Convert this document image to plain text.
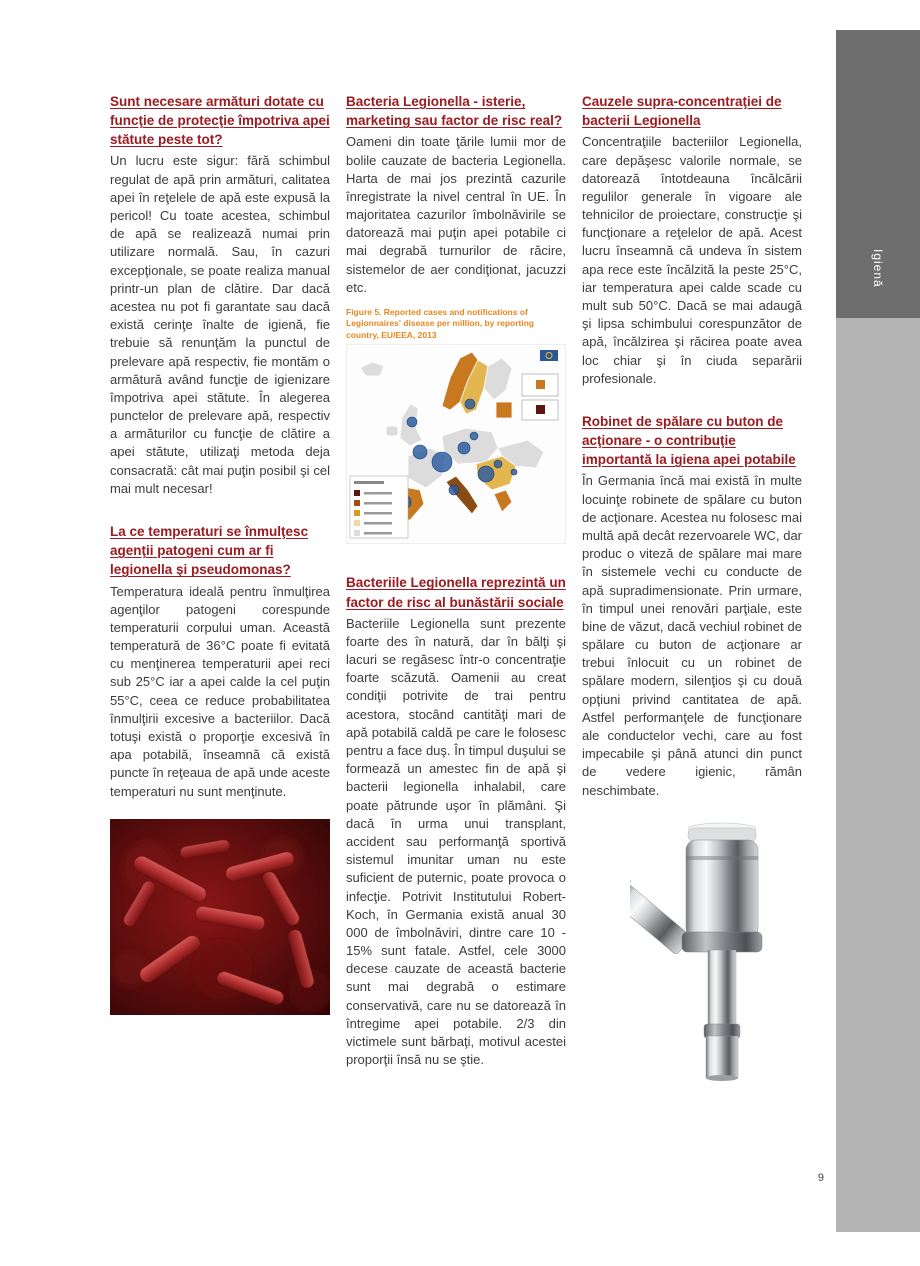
Sunt necesare armături dotate cu funcţie de protecţie împotriva apei stătute peste tot?

Un lucru este sigur: fără schimbul regulat de apă prin armături, calitatea apei în reţelele de apă este expusă la pericol! Cu toate acestea, schimbul de apă se realizează numai prin utilizare normală. Sau, în cazuri excepţionale, se poate realiza manual printr-un plan de clătire. Dar dacă acestea nu pot fi garantate sau dacă există cerinţe înalte de igienă, fie trebuie să renunţăm la punctul de prelevare apă respectiv, fie montăm o armătură având funcţie de igienizare împotriva apei stătute. În alegerea punctelor de prelevare apă, respectiv a armăturilor cu funcţie de clătire a apei stătute, utilizaţi metoda deja consacrată: cât mai puţin posibil şi cel mai mult necesar!

La ce temperaturi se înmulţesc agenţii patogeni cum ar fi legionella şi pseudomonas?

Temperatura ideală pentru înmulţirea agenţilor patogeni corespunde temperaturii corpului uman. Această temperatură de 36°C poate fi evitată cu menţinerea temperaturii apei reci sub 25°C iar a apei calde la cel puţin 55°C, ceea ce reduce probabilitatea înmulţirii excesive a bacteriilor. Dacă totuşi există o proporţie excesivă în apa potabilă, înseamnă că există puncte în reţeaua de apă unde aceste temperaturi nu sunt menţinute.

Bacteria Legionella - isterie, marketing sau factor de risc real?

Oameni din toate ţările lumii mor de bolile cauzate de bacteria Legionella. Harta de mai jos prezintă cazurile înregistrate la nivel central în UE. În majoritatea cazurilor îmbolnăvirile se datorează mai puţin apei potabile ci mai degrabă turnurilor de răcire, sistemelor de aer condiţionat, jacuzzi etc.

Figure 5. Reported cases and notifications of Legionnaires' disease per million, by reporting country, EU/EEA, 2013
Bacteriile Legionella reprezintă un factor de risc al bunăstării sociale

Bacteriile Legionella sunt prezente foarte des în natură, dar în bălţi şi lacuri se regăsesc într-o concentraţie foarte scăzută. Oamenii au creat condiţii potrivite de trai pentru acestora, stocând cantităţi mari de apă potabilă caldă pe care le folosesc pentru a face duş. În timpul duşului se formează un amestec fin de apă şi bacterii legionella inhalabil, care poate pătrunde uşor în plămâni. Şi dacă în urma unui transplant, accident sau performanţă sportivă sistemul imunitar uman nu este suficient de puternic, poate provoca o infecţie. Potrivit Institutului Robert-Koch, în Germania există anual 30 000 de îmbolnăviri, dintre care 10 - 15% sunt fatale. Astfel, cele 3000 decese cauzate de această bacterie sunt mai degrabă o estimare conservativă, care nu se datorează în întregime apei potabile. 2/3 din victimele sunt bărbaţi, motivul acestei proporţii însă nu se ştie.

Cauzele supra-concentraţiei de bacterii Legionella

Concentraţiile bacteriilor Legionella, care depăşesc valorile normale, se datorează întotdeauna încălcării regulilor generale în vigoare ale tehnicilor de proiectare, construcţie şi funcţionare a reţelelor de apă. Acest lucru înseamnă că undeva în sistem apa rece este încălzită la peste 25°C, iar temperatura apei calde scade cu mult sub 50°C. Dacă se mai adaugă şi lipsa schimbului corespunzător de apă, încălzirea şi răcirea poate avea loc chiar şi în ciuda separării profesionale.

Robinet de spălare cu buton de acţionare - o contribuţie importantă la igiena apei potabile

În Germania încă mai există în multe locuinţe robinete de spălare cu buton de acţionare. Acestea nu folosesc mai multă apă decât rezervoarele WC, dar produc o viteză de spălare mai mare în sistemele vechi cu conducte de apă supradimensionate. Prin urmare, în timpul unei renovări parţiale, este bine de văzut, dacă vechiul robinet de spălare cu buton de acţionare ar trebui înlocuit cu un robinet de spălare modern, silenţios şi cu două opţiuni privind cantitatea de apă. Astfel performanţele de funcţionare ale conductelor vechi, care au fost impecabile şi până atunci din punct de vedere igienic, rămân neschimbate.

Igienă
9
